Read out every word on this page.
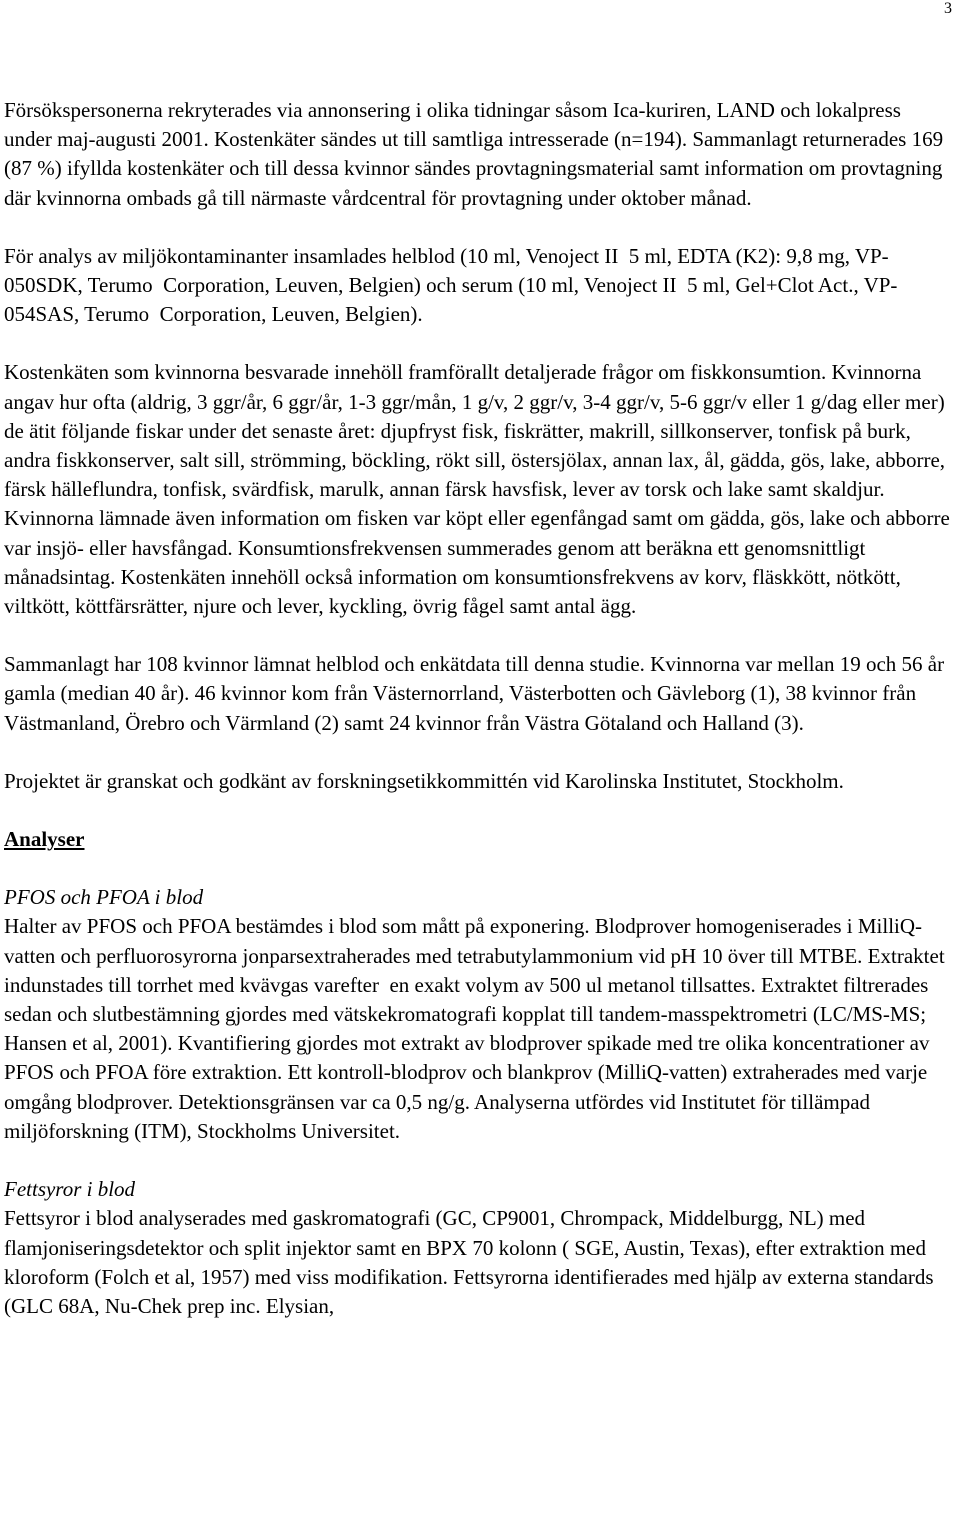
3

Försökspersonerna rekryterades via annonsering i olika tidningar såsom Ica-kuriren, LAND och lokalpress under maj-augusti 2001. Kostenkäter sändes ut till samtliga intresserade (n=194). Sammanlagt returnerades 169 (87 %) ifyllda kostenkäter och till dessa kvinnor sändes provtagningsmaterial samt information om provtagning där kvinnorna ombads gå till närmaste vårdcentral för provtagning under oktober månad.

För analys av miljökontaminanter insamlades helblod (10 ml, Venoject II  5 ml, EDTA (K2): 9,8 mg, VP-050SDK, Terumo  Corporation, Leuven, Belgien) och serum (10 ml, Venoject II  5 ml, Gel+Clot Act., VP-054SAS, Terumo  Corporation, Leuven, Belgien).

Kostenkäten som kvinnorna besvarade innehöll framförallt detaljerade frågor om fiskkonsumtion. Kvinnorna angav hur ofta (aldrig, 3 ggr/år, 6 ggr/år, 1-3 ggr/mån, 1 g/v, 2 ggr/v, 3-4 ggr/v, 5-6 ggr/v eller 1 g/dag eller mer) de ätit följande fiskar under det senaste året: djupfryst fisk, fiskrätter, makrill, sillkonserver, tonfisk på burk, andra fiskkonserver, salt sill, strömming, böckling, rökt sill, östersjölax, annan lax, ål, gädda, gös, lake, abborre, färsk hälleflundra, tonfisk, svärdfisk, marulk, annan färsk havsfisk, lever av torsk och lake samt skaldjur. Kvinnorna lämnade även information om fisken var köpt eller egenfångad samt om gädda, gös, lake och abborre var insjö- eller havsfångad. Konsumtionsfrekvensen summerades genom att beräkna ett genomsnittligt månadsintag. Kostenkäten innehöll också information om konsumtionsfrekvens av korv, fläskkött, nötkött, viltkött, köttfärsrätter, njure och lever, kyckling, övrig fågel samt antal ägg.

Sammanlagt har 108 kvinnor lämnat helblod och enkätdata till denna studie. Kvinnorna var mellan 19 och 56 år gamla (median 40 år). 46 kvinnor kom från Västernorrland, Västerbotten och Gävleborg (1), 38 kvinnor från Västmanland, Örebro och Värmland (2) samt 24 kvinnor från Västra Götaland och Halland (3).

Projektet är granskat och godkänt av forskningsetikkommittén vid Karolinska Institutet, Stockholm.

Analyser

PFOS och PFOA i blod

Halter av PFOS och PFOA bestämdes i blod som mått på exponering. Blodprover homogeniserades i MilliQ-vatten och perfluorosyrorna jonparsextraherades med tetrabutylammonium vid pH 10 över till MTBE. Extraktet indunstades till torrhet med kvävgas varefter  en exakt volym av 500 ul metanol tillsattes. Extraktet filtrerades sedan och slutbestämning gjordes med vätskekromatografi kopplat till tandem-masspektrometri (LC/MS-MS; Hansen et al, 2001). Kvantifiering gjordes mot extrakt av blodprover spikade med tre olika koncentrationer av PFOS och PFOA före extraktion. Ett kontroll-blodprov och blankprov (MilliQ-vatten) extraherades med varje omgång blodprover. Detektionsgränsen var ca 0,5 ng/g. Analyserna utfördes vid Institutet för tillämpad miljöforskning (ITM), Stockholms Universitet.

Fettsyror i blod

Fettsyror i blod analyserades med gaskromatografi (GC, CP9001, Chrompack, Middelburgg, NL) med flamjoniseringsdetektor och split injektor samt en BPX 70 kolonn ( SGE, Austin, Texas), efter extraktion med kloroform (Folch et al, 1957) med viss modifikation. Fettsyrorna identifierades med hjälp av externa standards (GLC 68A, Nu-Chek prep inc. Elysian,
